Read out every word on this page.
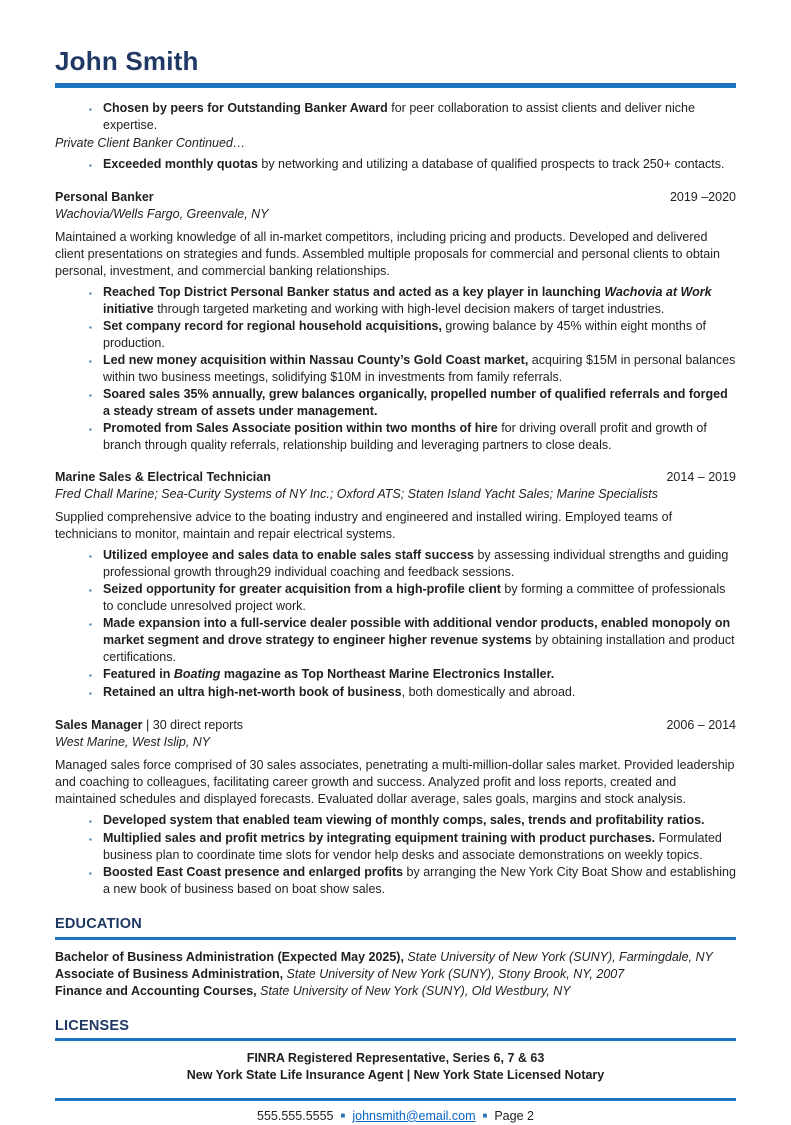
John Smith
▪ Chosen by peers for Outstanding Banker Award for peer collaboration to assist clients and deliver niche expertise.

Private Client Banker Continued…

▪ Exceeded monthly quotas by networking and utilizing a database of qualified prospects to track 250+ contacts.
Personal Banker	2019 –2020

Wachovia/Wells Fargo, Greenvale, NY

Maintained a working knowledge of all in-market competitors, including pricing and products. Developed and delivered client presentations on strategies and funds. Assembled multiple proposals for commercial and personal clients to obtain personal, investment, and commercial banking relationships.

▪ Reached Top District Personal Banker status and acted as a key player in launching Wachovia at Work initiative through targeted marketing and working with high-level decision makers of target industries.
▪ Set company record for regional household acquisitions, growing balance by 45% within eight months of production.
▪ Led new money acquisition within Nassau County’s Gold Coast market, acquiring $15M in personal balances within two business meetings, solidifying $10M in investments from family referrals.
▪ Soared sales 35% annually, grew balances organically, propelled number of qualified referrals and forged a steady stream of assets under management.
▪ Promoted from Sales Associate position within two months of hire for driving overall profit and growth of branch through quality referrals, relationship building and leveraging partners to close deals.
Marine Sales & Electrical Technician	2014 – 2019

Fred Chall Marine; Sea-Curity Systems of NY Inc.; Oxford ATS; Staten Island Yacht Sales; Marine Specialists

Supplied comprehensive advice to the boating industry and engineered and installed wiring. Employed teams of technicians to monitor, maintain and repair electrical systems.

▪ Utilized employee and sales data to enable sales staff success by assessing individual strengths and guiding professional growth through29 individual coaching and feedback sessions.
▪ Seized opportunity for greater acquisition from a high-profile client by forming a committee of professionals to conclude unresolved project work.
▪ Made expansion into a full-service dealer possible with additional vendor products, enabled monopoly on market segment and drove strategy to engineer higher revenue systems by obtaining installation and product certifications.
▪ Featured in Boating magazine as Top Northeast Marine Electronics Installer.
▪ Retained an ultra high-net-worth book of business, both domestically and abroad.
Sales Manager | 30 direct reports	2006 – 2014

West Marine, West Islip, NY

Managed sales force comprised of 30 sales associates, penetrating a multi-million-dollar sales market. Provided leadership and coaching to colleagues, facilitating career growth and success. Analyzed profit and loss reports, created and maintained schedules and displayed forecasts. Evaluated dollar average, sales goals, margins and stock analysis.

▪ Developed system that enabled team viewing of monthly comps, sales, trends and profitability ratios.
▪ Multiplied sales and profit metrics by integrating equipment training with product purchases. Formulated business plan to coordinate time slots for vendor help desks and associate demonstrations on weekly topics.
▪ Boosted East Coast presence and enlarged profits by arranging the New York City Boat Show and establishing a new book of business based on boat show sales.
EDUCATION

Bachelor of Business Administration (Expected May 2025), State University of New York (SUNY), Farmingdale, NY

Associate of Business Administration, State University of New York (SUNY), Stony Brook, NY, 2007

Finance and Accounting Courses, State University of New York (SUNY), Old Westbury, NY

LICENSES

FINRA Registered Representative, Series 6, 7 & 63

New York State Life Insurance Agent | New York State Licensed Notary

555.555.5555 ■ johnsmith@email.com ■ Page 2
